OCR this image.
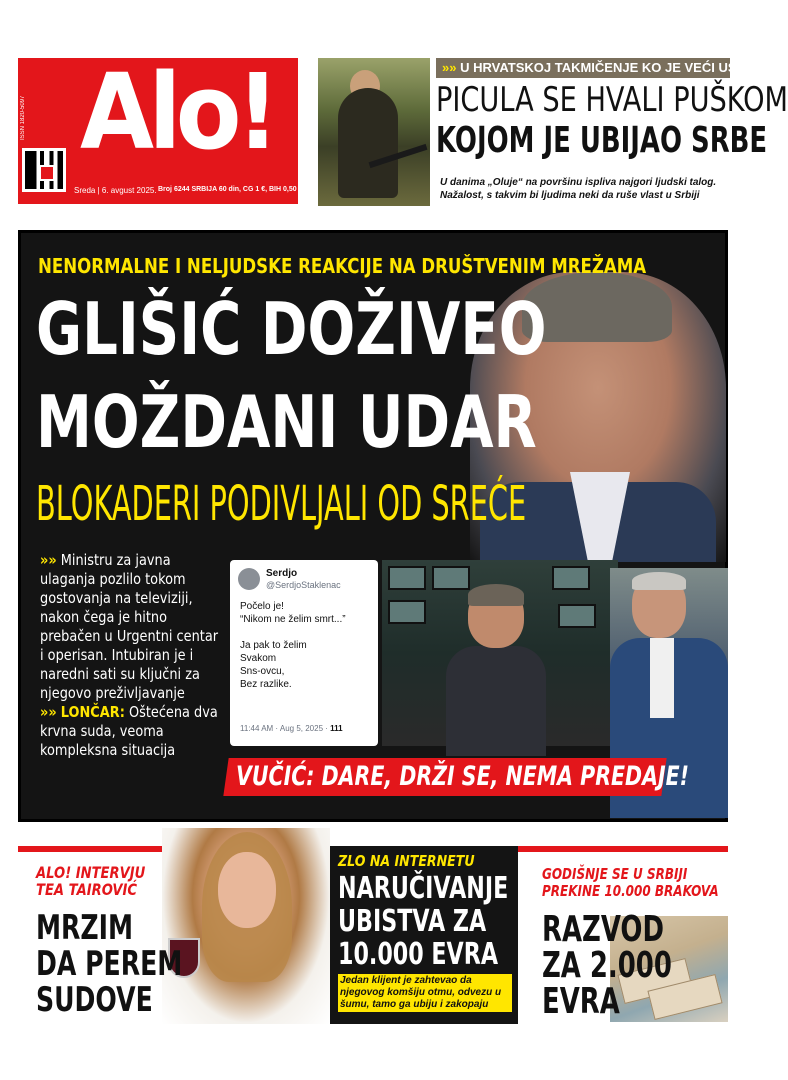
ISSN 1820-5097 Alo!
Sreda | 6. avgust 2025. Broj 6244 SRBIJA 60 din, CG 1 €, BIH 0,50 KM
»» U HRVATSKOJ TAKMIČENJE KO JE VEĆI USTAŠA
PICULA SE HVALI PUŠKOM
KOJOM JE UBIJAO SRBE
U danima „Oluje“ na površinu ispliva najgori ljudski talog. Nažalost, s takvim bi ljudima neki da ruše vlast u Srbiji
NENORMALNE I NELJUDSKE REAKCIJE NA DRUŠTVENIM MREŽAMA
GLIŠIĆ DOŽIVEO
MOŽDANI UDAR
BLOKADERI PODIVLJALI OD SREĆE
»» Ministru za javna ulaganja pozlilo tokom gostovanja na televiziji, nakon čega je hitno prebačen u Urgentni centar i operisan. Intubiran je i naredni sati su ključni za njegovo preživljavanje
»» LONČAR: Oštećena dva krvna suda, veoma kompleksna situacija
Serdjo
@SerdjoStaklenac
Počelo je!
“Nikom ne želim smrt...”

Ja pak to želim
Svakom
Sns-ovcu,
Bez razlike.
11:44 AM · Aug 5, 2025 · 111
VUČIĆ: DARE, DRŽI SE, NEMA PREDAJE!
ALO! INTERVJU
TEA TAIROVIĆ
MRZIM
DA PEREM
SUDOVE
ZLO NA INTERNETU
NARUČIVANJE
UBISTVA ZA
10.000 EVRA
Jedan klijent je zahtevao da njegovog komšiju otmu, odvezu u šumu, tamo ga ubiju i zakopaju
GODIŠNJE SE U SRBIJI
PREKINE 10.000 BRAKOVA
RAZVOD
ZA 2.000
EVRA
